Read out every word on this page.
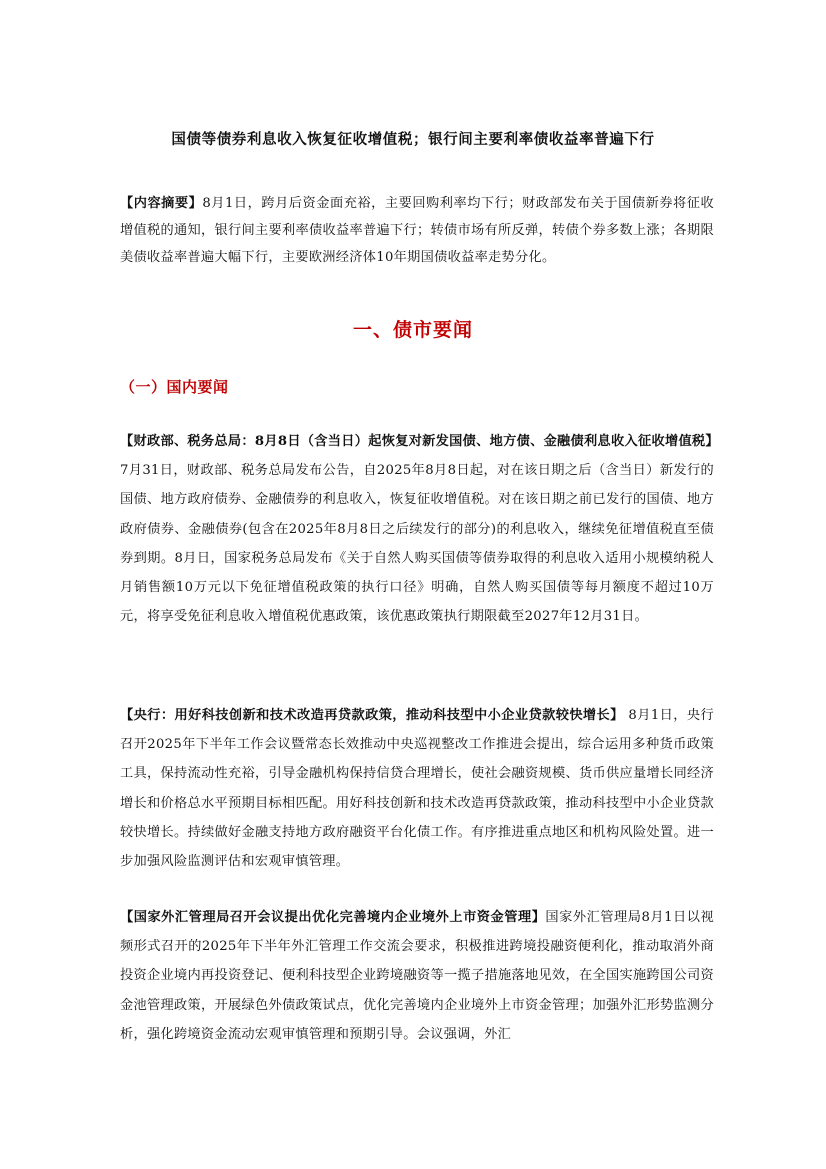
国债等债券利息收入恢复征收增值税；银行间主要利率债收益率普遍下行

【内容摘要】8月1日，跨月后资金面充裕，主要回购利率均下行；财政部发布关于国债新券将征收增值税的通知，银行间主要利率债收益率普遍下行；转债市场有所反弹，转债个券多数上涨；各期限美债收益率普遍大幅下行，主要欧洲经济体10年期国债收益率走势分化。

一、债市要闻
（一）国内要闻

【财政部、税务总局：8月8日（含当日）起恢复对新发国债、地方债、金融债利息收入征收增值税】7月31日，财政部、税务总局发布公告，自2025年8月8日起，对在该日期之后（含当日）新发行的国债、地方政府债券、金融债券的利息收入，恢复征收增值税。对在该日期之前已发行的国债、地方政府债券、金融债券(包含在2025年8月8日之后续发行的部分)的利息收入，继续免征增值税直至债券到期。8月日，国家税务总局发布《关于自然人购买国债等债券取得的利息收入适用小规模纳税人月销售额10万元以下免征增值税政策的执行口径》明确，自然人购买国债等每月额度不超过10万元，将享受免征利息收入增值税优惠政策，该优惠政策执行期限截至2027年12月31日。

【央行：用好科技创新和技术改造再贷款政策，推动科技型中小企业贷款较快增长】 8月1日，央行召开2025年下半年工作会议暨常态长效推动中央巡视整改工作推进会提出，综合运用多种货币政策工具，保持流动性充裕，引导金融机构保持信贷合理增长，使社会融资规模、货币供应量增长同经济增长和价格总水平预期目标相匹配。用好科技创新和技术改造再贷款政策，推动科技型中小企业贷款较快增长。持续做好金融支持地方政府融资平台化债工作。有序推进重点地区和机构风险处置。进一步加强风险监测评估和宏观审慎管理。

【国家外汇管理局召开会议提出优化完善境内企业境外上市资金管理】国家外汇管理局8月1日以视频形式召开的2025年下半年外汇管理工作交流会要求，积极推进跨境投融资便利化，推动取消外商投资企业境内再投资登记、便利科技型企业跨境融资等一揽子措施落地见效，在全国实施跨国公司资金池管理政策，开展绿色外债政策试点，优化完善境内企业境外上市资金管理；加强外汇形势监测分析，强化跨境资金流动宏观审慎管理和预期引导。会议强调，外汇
